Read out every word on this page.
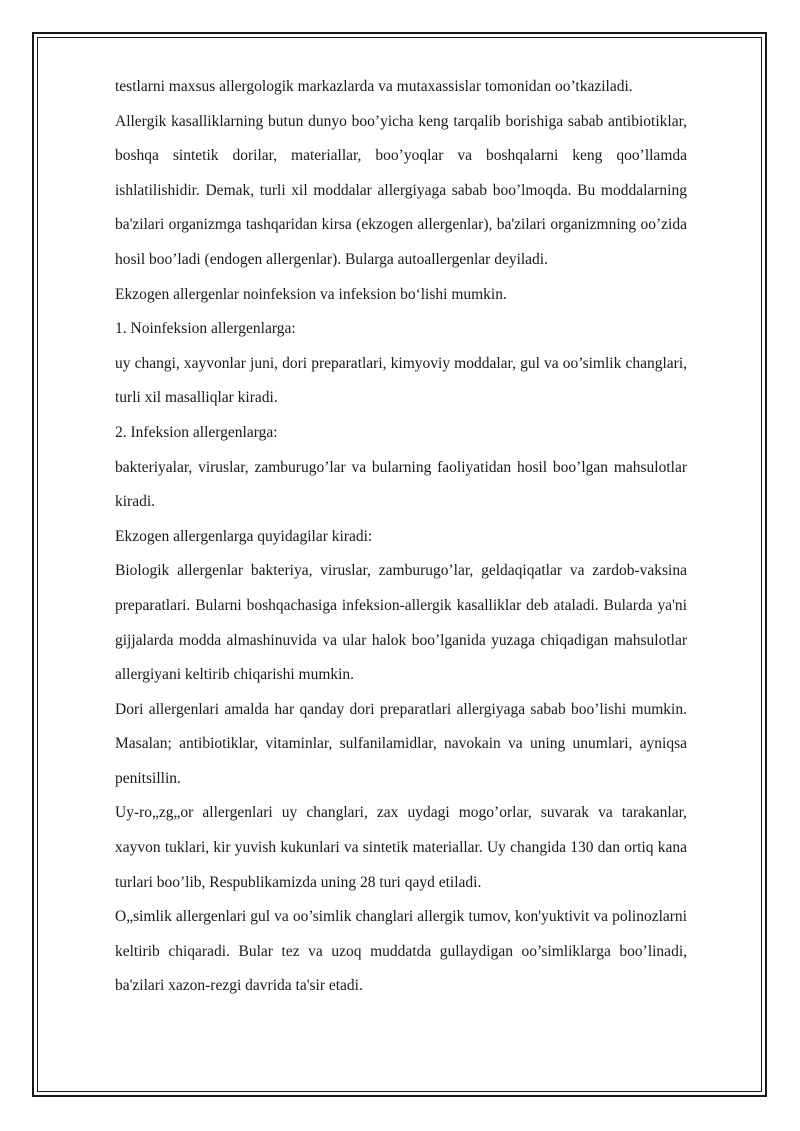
testlarni maxsus allergologik markazlarda va mutaxassislar tomonidan oo’tkaziladi.

Allergik kasalliklarning butun dunyo boo’yicha keng tarqalib borishiga sabab antibiotiklar, boshqa sintetik dorilar, materiallar, boo’yoqlar va boshqalarni keng qoo’llamda ishlatilishidir. Demak, turli xil moddalar allergiyaga sabab boo’lmoqda. Bu moddalarning ba'zilari organizmga tashqaridan kirsa (ekzogen allergenlar), ba'zilari organizmning oo’zida hosil boo’ladi (endogen allergenlar). Bularga autoallergenlar deyiladi.

Ekzogen allergenlar noinfeksion va infeksion bo‘lishi mumkin.

1. Noinfeksion allergenlarga:

uy changi, xayvonlar juni, dori preparatlari, kimyoviy moddalar, gul va oo’simlik changlari, turli xil masalliqlar kiradi.

2. Infeksion allergenlarga:

bakteriyalar, viruslar, zamburugo’lar va bularning faoliyatidan hosil boo’lgan mahsulotlar kiradi.

Ekzogen allergenlarga quyidagilar kiradi:

Biologik allergenlar bakteriya, viruslar, zamburugo’lar, geldaqiqatlar va zardob-vaksina preparatlari. Bularni boshqachasiga infeksion-allergik kasalliklar deb ataladi. Bularda ya'ni gijjalarda modda almashinuvida va ular halok boo’lganida yuzaga chiqadigan mahsulotlar allergiyani keltirib chiqarishi mumkin.

Dori allergenlari amalda har qanday dori preparatlari allergiyaga sabab boo’lishi mumkin. Masalan; antibiotiklar, vitaminlar, sulfanilamidlar, navokain va uning unumlari, ayniqsa penitsillin.

Uy-ro„zg„or allergenlari uy changlari, zax uydagi mogo’orlar, suvarak va tarakanlar, xayvon tuklari, kir yuvish kukunlari va sintetik materiallar. Uy changida 130 dan ortiq kana turlari boo’lib, Respublikamizda uning 28 turi qayd etiladi.

O„simlik allergenlari gul va oo’simlik changlari allergik tumov, kon'yuktivit va polinozlarni keltirib chiqaradi. Bular tez va uzoq muddatda gullaydigan oo’simliklarga boo’linadi, ba'zilari xazon-rezgi davrida ta'sir etadi.
